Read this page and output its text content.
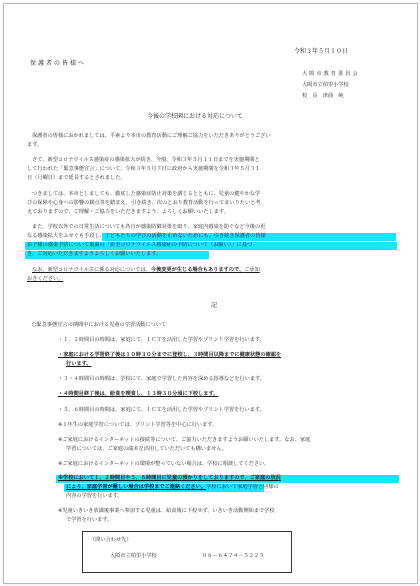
令和３年５月１０日
保護者の皆様へ
大阪市教育委員会
大阪市立柏里小学校
校　長　津曲　純
今後の学校園における対応について
保護者の皆様におかれましては、平素より本市の教育活動にご理解ご協力をいただきありがとうござい
ます。
さて、新型コロナウイルス感染症の感染拡大が続き、今般、令和３年５月１１日までを実施期間と
して行われた「緊急事態宣言」について、令和３年５月７日に政府から実施期間を令和３年５月３１
日（月曜日）まで延長するとされました。
つきましては、本市としましても、徹底した感染症防止対策を講じるとともに、児童の健やかな学
びの保障や心身への影響の観点等を踏まえ、引き続き、次のとおり教育活動を行ってまいりたいと考
えておりますので、ご理解・ご協力をいただきますよう、よろしくお願いいたします。
また、学校以外での日常生活についても各自が感染防御対策を取り、家庭内感染を防ぐなど今後の更
なる感染拡大をふせぐも手段し、子どもたちの学びの活動を止めないためにも、引き続き保護者の皆様
お子様の感染予防について裏面の「新型コロナウイルス感染症の予防について（お願い）」に基づ
き、ご対応いただきますようよろしくお願いいたします。
なお、新型コロナウイルスに係る対応については、今後変更が生じる場合もありますので、ご承知
おきください。
記
○緊急事態宣言の期間中における児童の学習活動について
・１、２時間目の時間は、家庭にて、ＩＣＴを活用した学習やプリント学習を行います。
・家庭における学習終了後は１０時３０分までに登校し、３時間目以降までに健康状態の確認を
行います。
・３・４時間目の時間は、学校にて、家庭で学習した内容を深める指導などを行います。
・４時間目終了後は、給食を喫食し、１３時３０分頃に下校します。
・５、６時間目の時間は、家庭にて、ＩＣＴを活用した学習やプリント学習を行います。
※１年生の家庭学習については、プリント学習等を中心に行います。
※ご家庭におけるインターネットの接続等について、ご協力いただきますようお願いいたします。なお、家庭
学習については、ご家庭の端末を活用していただいても構いません。
※ご家庭におけるインターネットの環境が整っていない場合は、学校に相談してください。
※学校において１、２時間目や５、６時間目に児童の預かりをしておりますので、ご家庭の状況
により、家庭学習が難しい場合は学校までご連絡ください。学校において家庭学習と同様の
内容の学習を行います。
※児童いきいき放課後事業へ参加する児童は、給食後に下校せず、いきいき活動開始まで学校
で学習を行います。
（問い合わせ先）
大阪市立柏里小学校	０６－６４７４－５２２５
